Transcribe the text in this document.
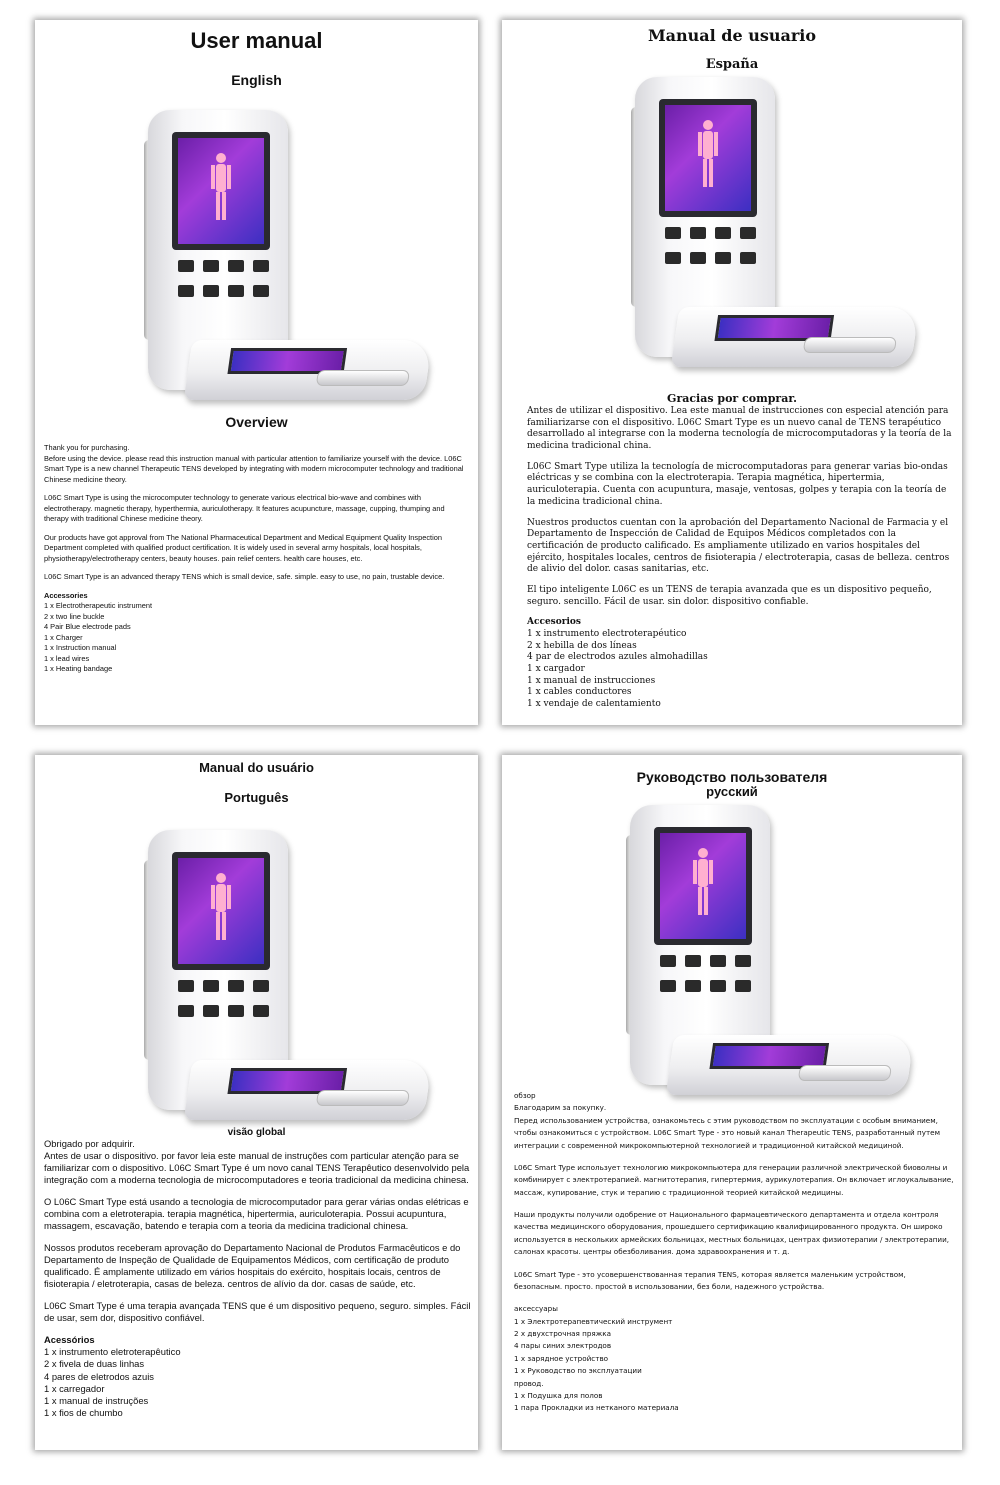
User manual
English
Overview

Thank you for purchasing.
Before using the device. please read this instruction manual with particular attention to familiarize yourself with the device. L06C Smart Type is a new channel Therapeutic TENS developed by integrating with modern microcomputer technology and traditional Chinese medicine theory.

L06C Smart Type is using the microcomputer technology to generate various electrical bio-wave and combines with electrotherapy. magnetic therapy, hyperthermia, auriculotherapy. It features acupuncture, massage, cupping, thumping and therapy with traditional Chinese medicine theory.

Our products have got approval from The National Pharmaceutical Department and Medical Equipment Quality Inspection Department completed with qualified product certification. It is widely used in several army hospitals, local hospitals, physiotherapy/electrotherapy centers, beauty houses. pain relief centers. health care houses, etc.

L06C Smart Type is an advanced therapy TENS which is small device, safe. simple. easy to use, no pain, trustable device.

Accessories
1 x Electrotherapeutic instrument
2 x two line buckle
4 Pair Blue electrode pads
1 x Charger
1 x Instruction manual
1 x lead wires
1 x Heating bandage
Manual de usuario
España
Gracias por comprar.

Antes de utilizar el dispositivo. Lea este manual de instrucciones con especial atención para familiarizarse con el dispositivo. L06C Smart Type es un nuevo canal de TENS terapéutico desarrollado al integrarse con la moderna tecnología de microcomputadoras y la teoría de la medicina tradicional china.

L06C Smart Type utiliza la tecnología de microcomputadoras para generar varias bio-ondas eléctricas y se combina con la electroterapia. Terapia magnética, hipertermia, auriculoterapia. Cuenta con acupuntura, masaje, ventosas, golpes y terapia con la teoría de la medicina tradicional china.

Nuestros productos cuentan con la aprobación del Departamento Nacional de Farmacia y el Departamento de Inspección de Calidad de Equipos Médicos completados con la certificación de producto calificado. Es ampliamente utilizado en varios hospitales del ejército, hospitales locales, centros de fisioterapia / electroterapia, casas de belleza. centros de alivio del dolor. casas sanitarias, etc.

El tipo inteligente L06C es un TENS de terapia avanzada que es un dispositivo pequeño, seguro. sencillo. Fácil de usar. sin dolor. dispositivo confiable.

Accesorios
1 x instrumento electroterapéutico
2 x hebilla de dos líneas
4 par de electrodos azules almohadillas
1 x cargador
1 x manual de instrucciones
1 x cables conductores
1 x vendaje de calentamiento
Manual do usuário
Português
visão global

Obrigado por adquirir.
Antes de usar o dispositivo. por favor leia este manual de instruções com particular atenção para se familiarizar com o dispositivo. L06C Smart Type é um novo canal TENS Terapêutico desenvolvido pela integração com a moderna tecnologia de microcomputadores e teoria tradicional da medicina chinesa.

O L06C Smart Type está usando a tecnologia de microcomputador para gerar várias ondas elétricas e combina com a eletroterapia. terapia magnética, hipertermia, auriculoterapia. Possui acupuntura, massagem, escavação, batendo e terapia com a teoria da medicina tradicional chinesa.

Nossos produtos receberam aprovação do Departamento Nacional de Produtos Farmacêuticos e do Departamento de Inspeção de Qualidade de Equipamentos Médicos, com certificação de produto qualificado. É amplamente utilizado em vários hospitais do exército, hospitais locais, centros de fisioterapia / eletroterapia, casas de beleza. centros de alívio da dor. casas de saúde, etc.

L06C Smart Type é uma terapia avançada TENS que é um dispositivo pequeno, seguro. simples. Fácil de usar, sem dor, dispositivo confiável.

Acessórios
1 x instrumento eletroterapêutico
2 x fivela de duas linhas
4 pares de eletrodos azuis
1 x carregador
1 x manual de instruções
1 x fios de chumbo
Руководство пользователя
русский
обзор

Благодарим за покупку.
Перед использованием устройства, ознакомьтесь с этим руководством по эксплуатации с особым вниманием, чтобы ознакомиться с устройством. L06C Smart Type - это новый канал Therapeutic TENS, разработанный путем интеграции с современной микрокомпьютерной технологией и традиционной китайской медициной.

L06C Smart Type использует технологию микрокомпьютера для генерации различной электрической биоволны и комбинирует с электротерапией. магнитотерапия, гипертермия, аурикулотерапия. Он включает иглоукалывание, массаж, купирование, стук и терапию с традиционной теорией китайской медицины.

Наши продукты получили одобрение от Национального фармацевтического департамента и отдела контроля качества медицинского оборудования, прошедшего сертификацию квалифицированного продукта. Он широко используется в нескольких армейских больницах, местных больницах, центрах физиотерапии / электротерапии, салонах красоты. центры обезболивания. дома здравоохранения и т. д.

L06C Smart Type - это усовершенствованная терапия TENS, которая является маленьким устройством, безопасным. просто. простой в использовании, без боли, надежного устройства.

аксессуары
1 x Электротерапевтический инструмент
2 x двухстрочная пряжка
4 пары синих электродов
1 x зарядное устройство
1 x Руководство по эксплуатации
провод.
1 x Подушка для полов
1 пара Прокладки из нетканого материала
